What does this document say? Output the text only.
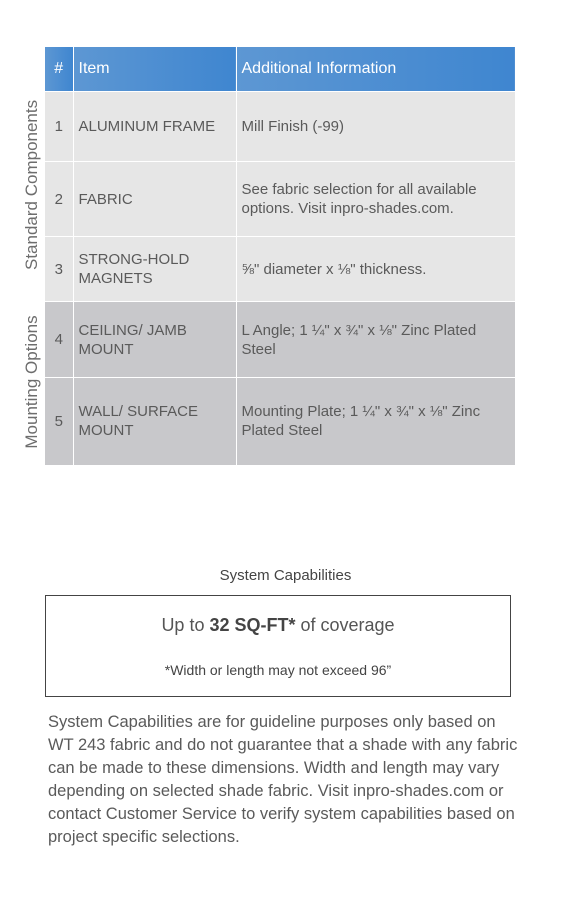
Standard Components
Mounting Options
#	Item	Additional Information
1	ALUMINUM FRAME	Mill Finish (-99)
2	FABRIC	See fabric selection for all available options. Visit inpro-shades.com.
3	STRONG-HOLD MAGNETS	⅝" diameter x ⅛" thickness.
4	CEILING/ JAMB MOUNT	L Angle; 1 ¼" x ¾" x ⅛" Zinc Plated Steel
5	WALL/ SURFACE MOUNT	Mounting Plate; 1 ¼" x ¾" x ⅛" Zinc Plated Steel
System Capabilities
Up to 32 SQ-FT* of coverage
*Width or length may not exceed 96”
System Capabilities are for guideline purposes only based on WT 243 fabric and do not guarantee that a shade with any fabric can be made to these dimensions. Width and length may vary depending on selected shade fabric. Visit inpro-shades.com or contact Customer Service to verify system capabilities based on project specific selections.
